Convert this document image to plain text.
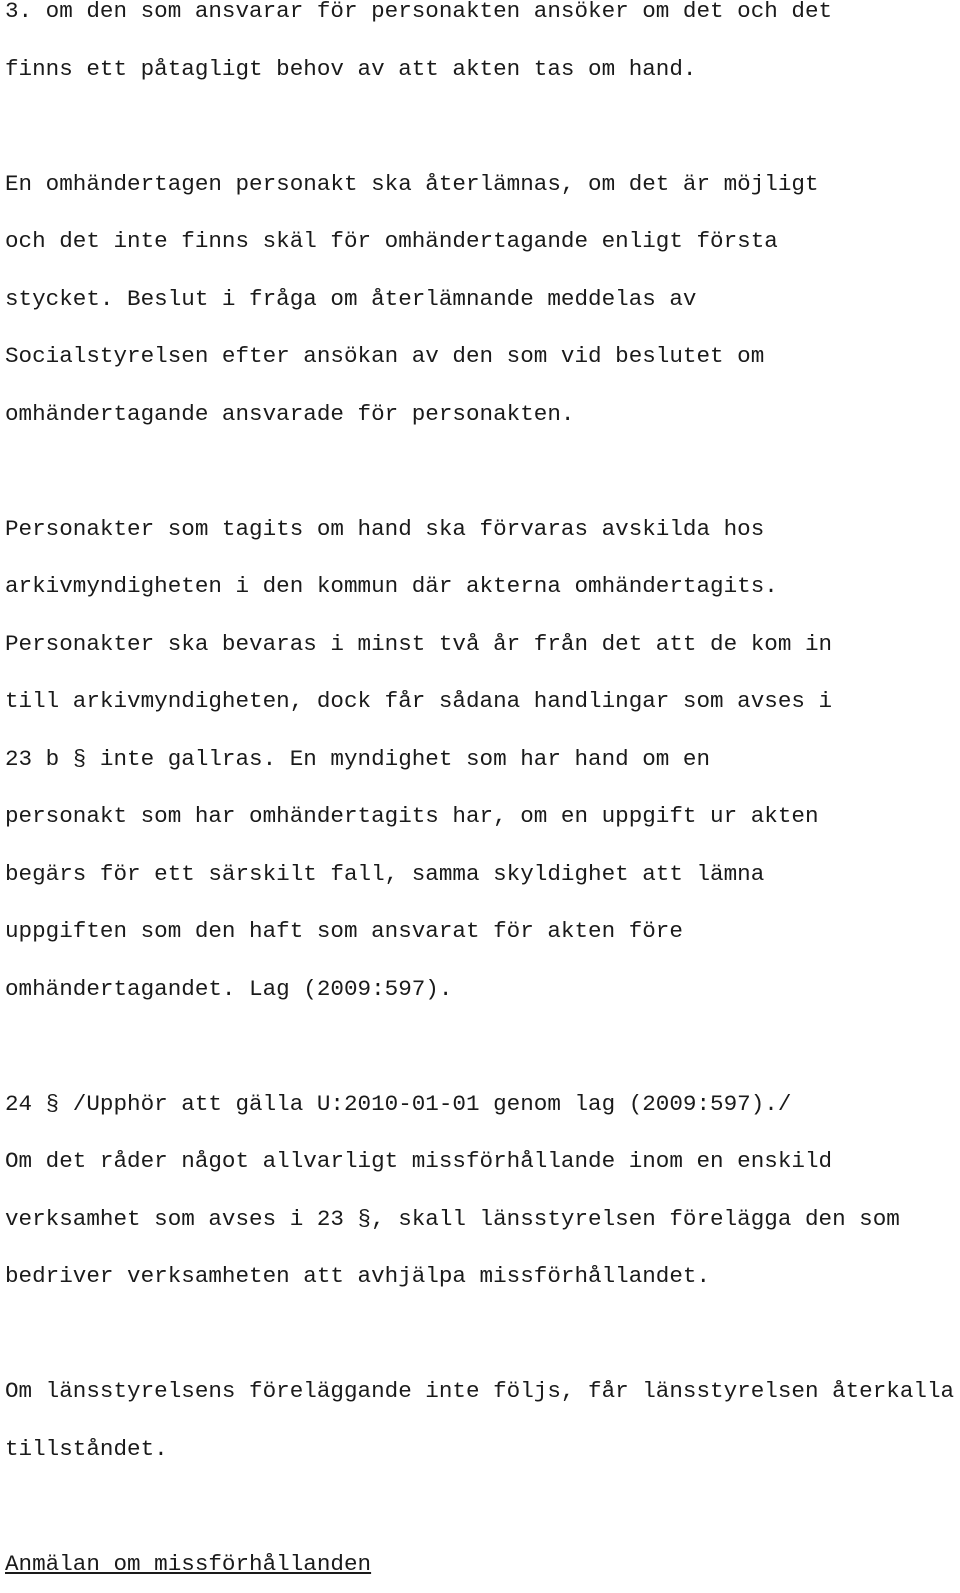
3. om den som ansvarar för personakten ansöker om det och det
finns ett påtagligt behov av att akten tas om hand.
En omhändertagen personakt ska återlämnas, om det är möjligt
och det inte finns skäl för omhändertagande enligt första
stycket. Beslut i fråga om återlämnande meddelas av
Socialstyrelsen efter ansökan av den som vid beslutet om
omhändertagande ansvarade för personakten.
Personakter som tagits om hand ska förvaras avskilda hos
arkivmyndigheten i den kommun där akterna omhändertagits.
Personakter ska bevaras i minst två år från det att de kom in
till arkivmyndigheten, dock får sådana handlingar som avses i
23 b § inte gallras. En myndighet som har hand om en
personakt som har omhändertagits har, om en uppgift ur akten
begärs för ett särskilt fall, samma skyldighet att lämna
uppgiften som den haft som ansvarat för akten före
omhändertagandet. Lag (2009:597).
24 § /Upphör att gälla U:2010-01-01 genom lag (2009:597)./
Om det råder något allvarligt missförhållande inom en enskild
verksamhet som avses i 23 §, skall länsstyrelsen förelägga den som
bedriver verksamheten att avhjälpa missförhållandet.
Om länsstyrelsens föreläggande inte följs, får länsstyrelsen återkalla
tillståndet.
Anmälan om missförhållanden
